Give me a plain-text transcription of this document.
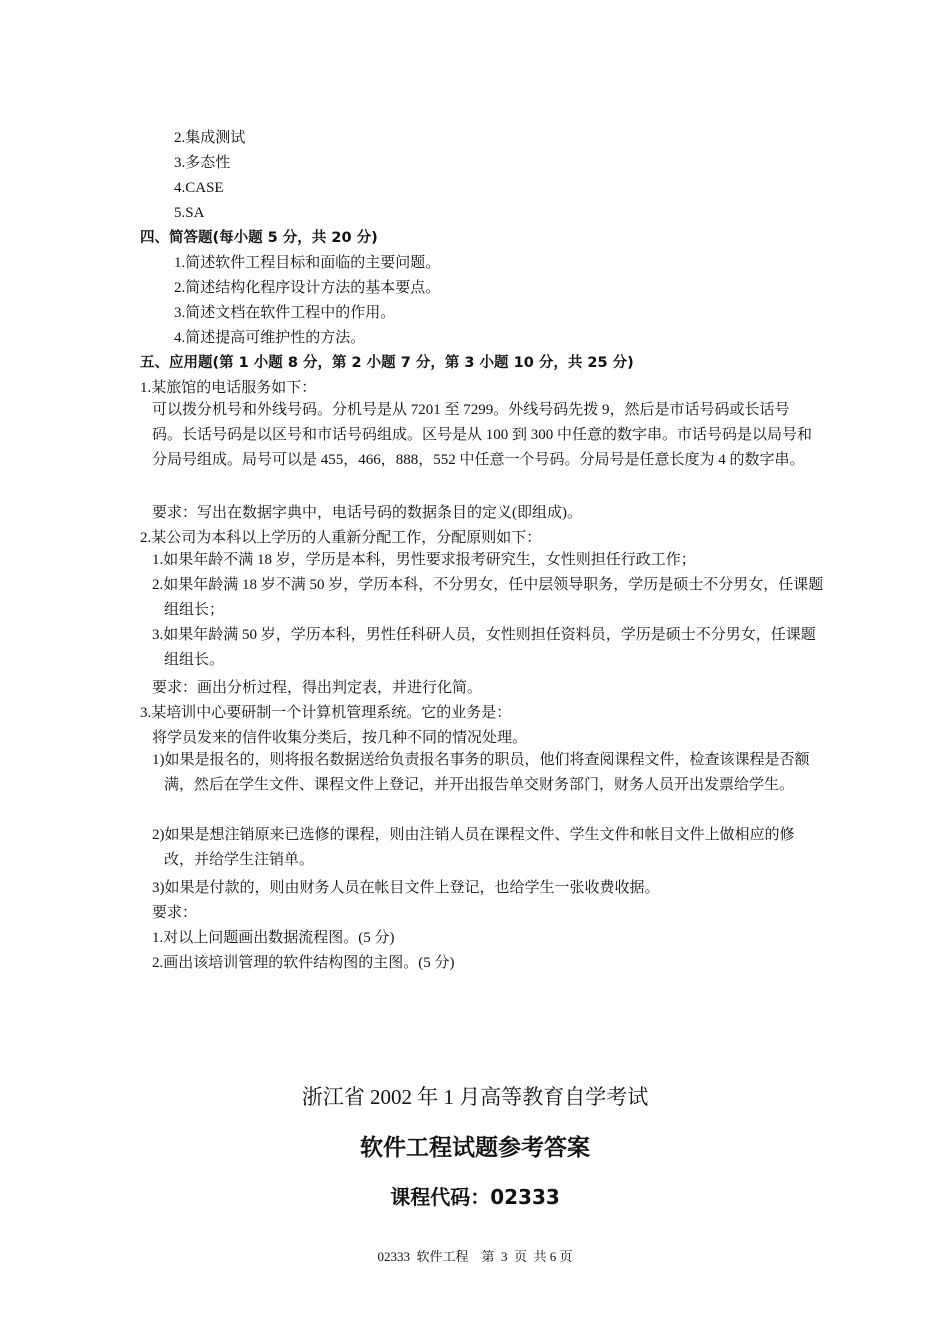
2.集成测试
3.多态性
4.CASE
5.SA
四、简答题(每小题 5 分，共 20 分)
1.简述软件工程目标和面临的主要问题。
2.简述结构化程序设计方法的基本要点。
3.简述文档在软件工程中的作用。
4.简述提高可维护性的方法。
五、应用题(第 1 小题 8 分，第 2 小题 7 分，第 3 小题 10 分，共 25 分)
1.某旅馆的电话服务如下：
可以拨分机号和外线号码。分机号是从 7201 至 7299。外线号码先拨 9，然后是市话号码或长话号码。长话号码是以区号和市话号码组成。区号是从 100 到 300 中任意的数字串。市话号码是以局号和分局号组成。局号可以是 455，466，888，552 中任意一个号码。分局号是任意长度为 4 的数字串。
要求：写出在数据字典中，电话号码的数据条目的定义(即组成)。
2.某公司为本科以上学历的人重新分配工作，分配原则如下：
1.如果年龄不满 18 岁，学历是本科，男性要求报考研究生，女性则担任行政工作；
2.如果年龄满 18 岁不满 50 岁，学历本科，不分男女，任中层领导职务，学历是硕士不分男女，任课题组组长；
3.如果年龄满 50 岁，学历本科，男性任科研人员，女性则担任资料员，学历是硕士不分男女，任课题组组长。
要求：画出分析过程，得出判定表，并进行化简。
3.某培训中心要研制一个计算机管理系统。它的业务是：
将学员发来的信件收集分类后，按几种不同的情况处理。
1)如果是报名的，则将报名数据送给负责报名事务的职员，他们将查阅课程文件，检查该课程是否额满，然后在学生文件、课程文件上登记，并开出报告单交财务部门，财务人员开出发票给学生。
2)如果是想注销原来已选修的课程，则由注销人员在课程文件、学生文件和帐目文件上做相应的修改，并给学生注销单。
3)如果是付款的，则由财务人员在帐目文件上登记，也给学生一张收费收据。
要求：
1.对以上问题画出数据流程图。(5 分)
2.画出该培训管理的软件结构图的主图。(5 分)
浙江省 2002 年 1 月高等教育自学考试
软件工程试题参考答案
课程代码：02333
02333  软件工程    第  3  页  共 6 页
